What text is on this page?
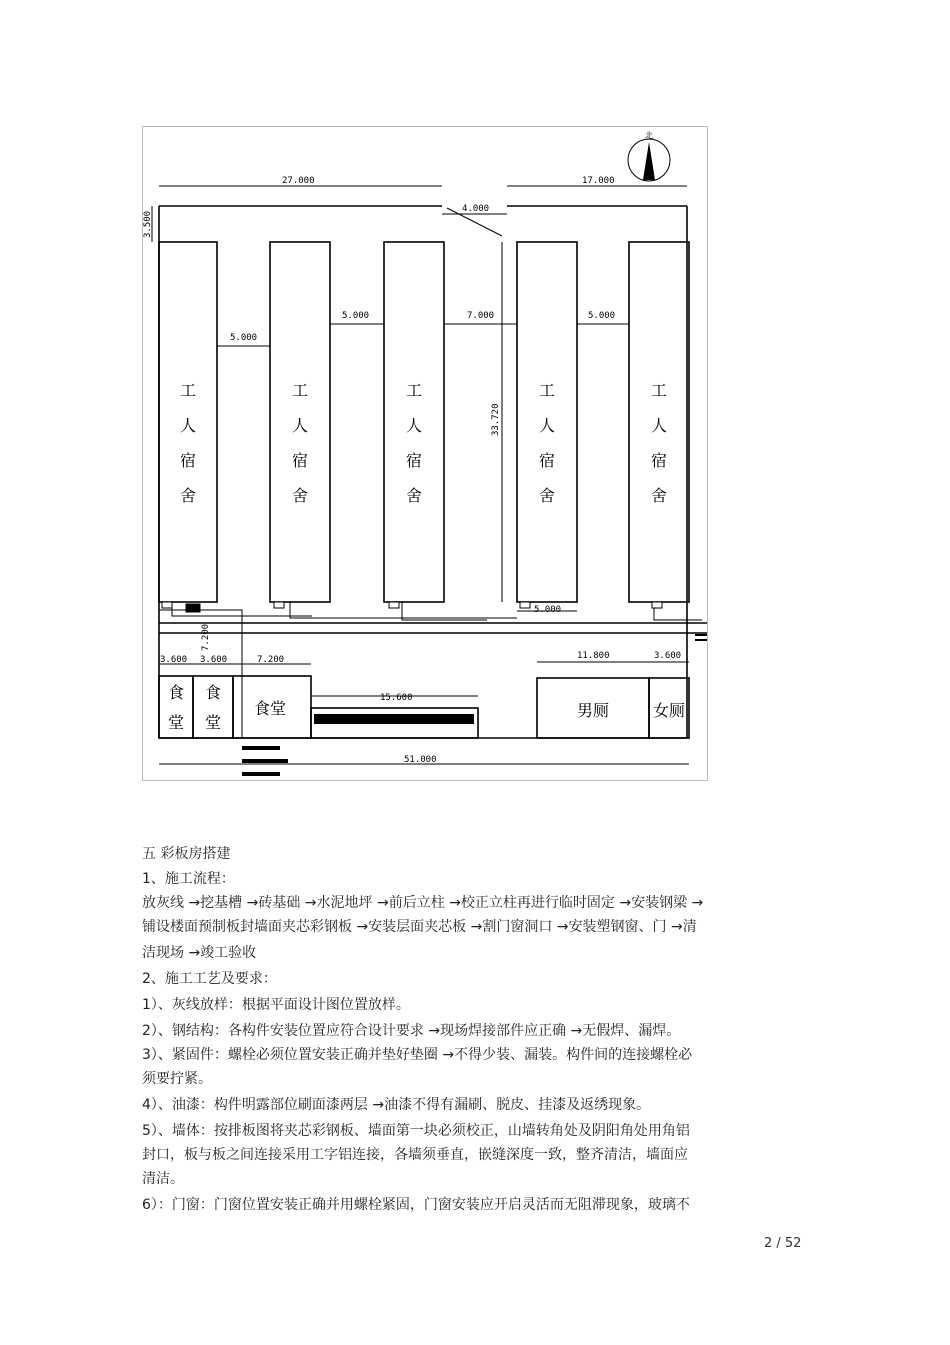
27.000	17.000
4.000
3.500
5.000
5.000	7.000	5.000
33.720
5.000
7.200
3.600 3.600	7.200
15.600
11.800	3.600
51.000
工
人
宿
舍
工
人
宿
舍
工
人
宿
舍
工
人
宿
舍
工
人
宿
舍
食
堂
食
堂
食堂	男厕	女厕
北
五 彩板房搭建
1、施工流程：
放灰线 →挖基槽 →砖基础 →水泥地坪 →前后立柱 →校正立柱再进行临时固定 →安装钢梁 →
铺设楼面预制板封墙面夹芯彩钢板 →安装层面夹芯板 →割门窗洞口 →安装塑钢窗、门 →清
洁现场 →竣工验收
2、施工工艺及要求：
1）、灰线放样：根据平面设计图位置放样。
2）、钢结构：各构件安装位置应符合设计要求 →现场焊接部件应正确 →无假焊、漏焊。
3）、紧固件：螺栓必须位置安装正确并垫好垫圈 →不得少装、漏装。构件间的连接螺栓必
须要拧紧。
4）、油漆：构件明露部位刷面漆两层 →油漆不得有漏刷、脱皮、挂漆及返绣现象。
5）、墙体：按排板图将夹芯彩钢板、墙面第一块必须校正，山墙转角处及阴阳角处用角铝
封口，板与板之间连接采用工字铝连接，各墙须垂直，嵌缝深度一致，整齐清洁，墙面应
清洁。
6）：门窗：门窗位置安装正确并用螺栓紧固，门窗安装应开启灵活而无阻滞现象，玻璃不
2 / 52
